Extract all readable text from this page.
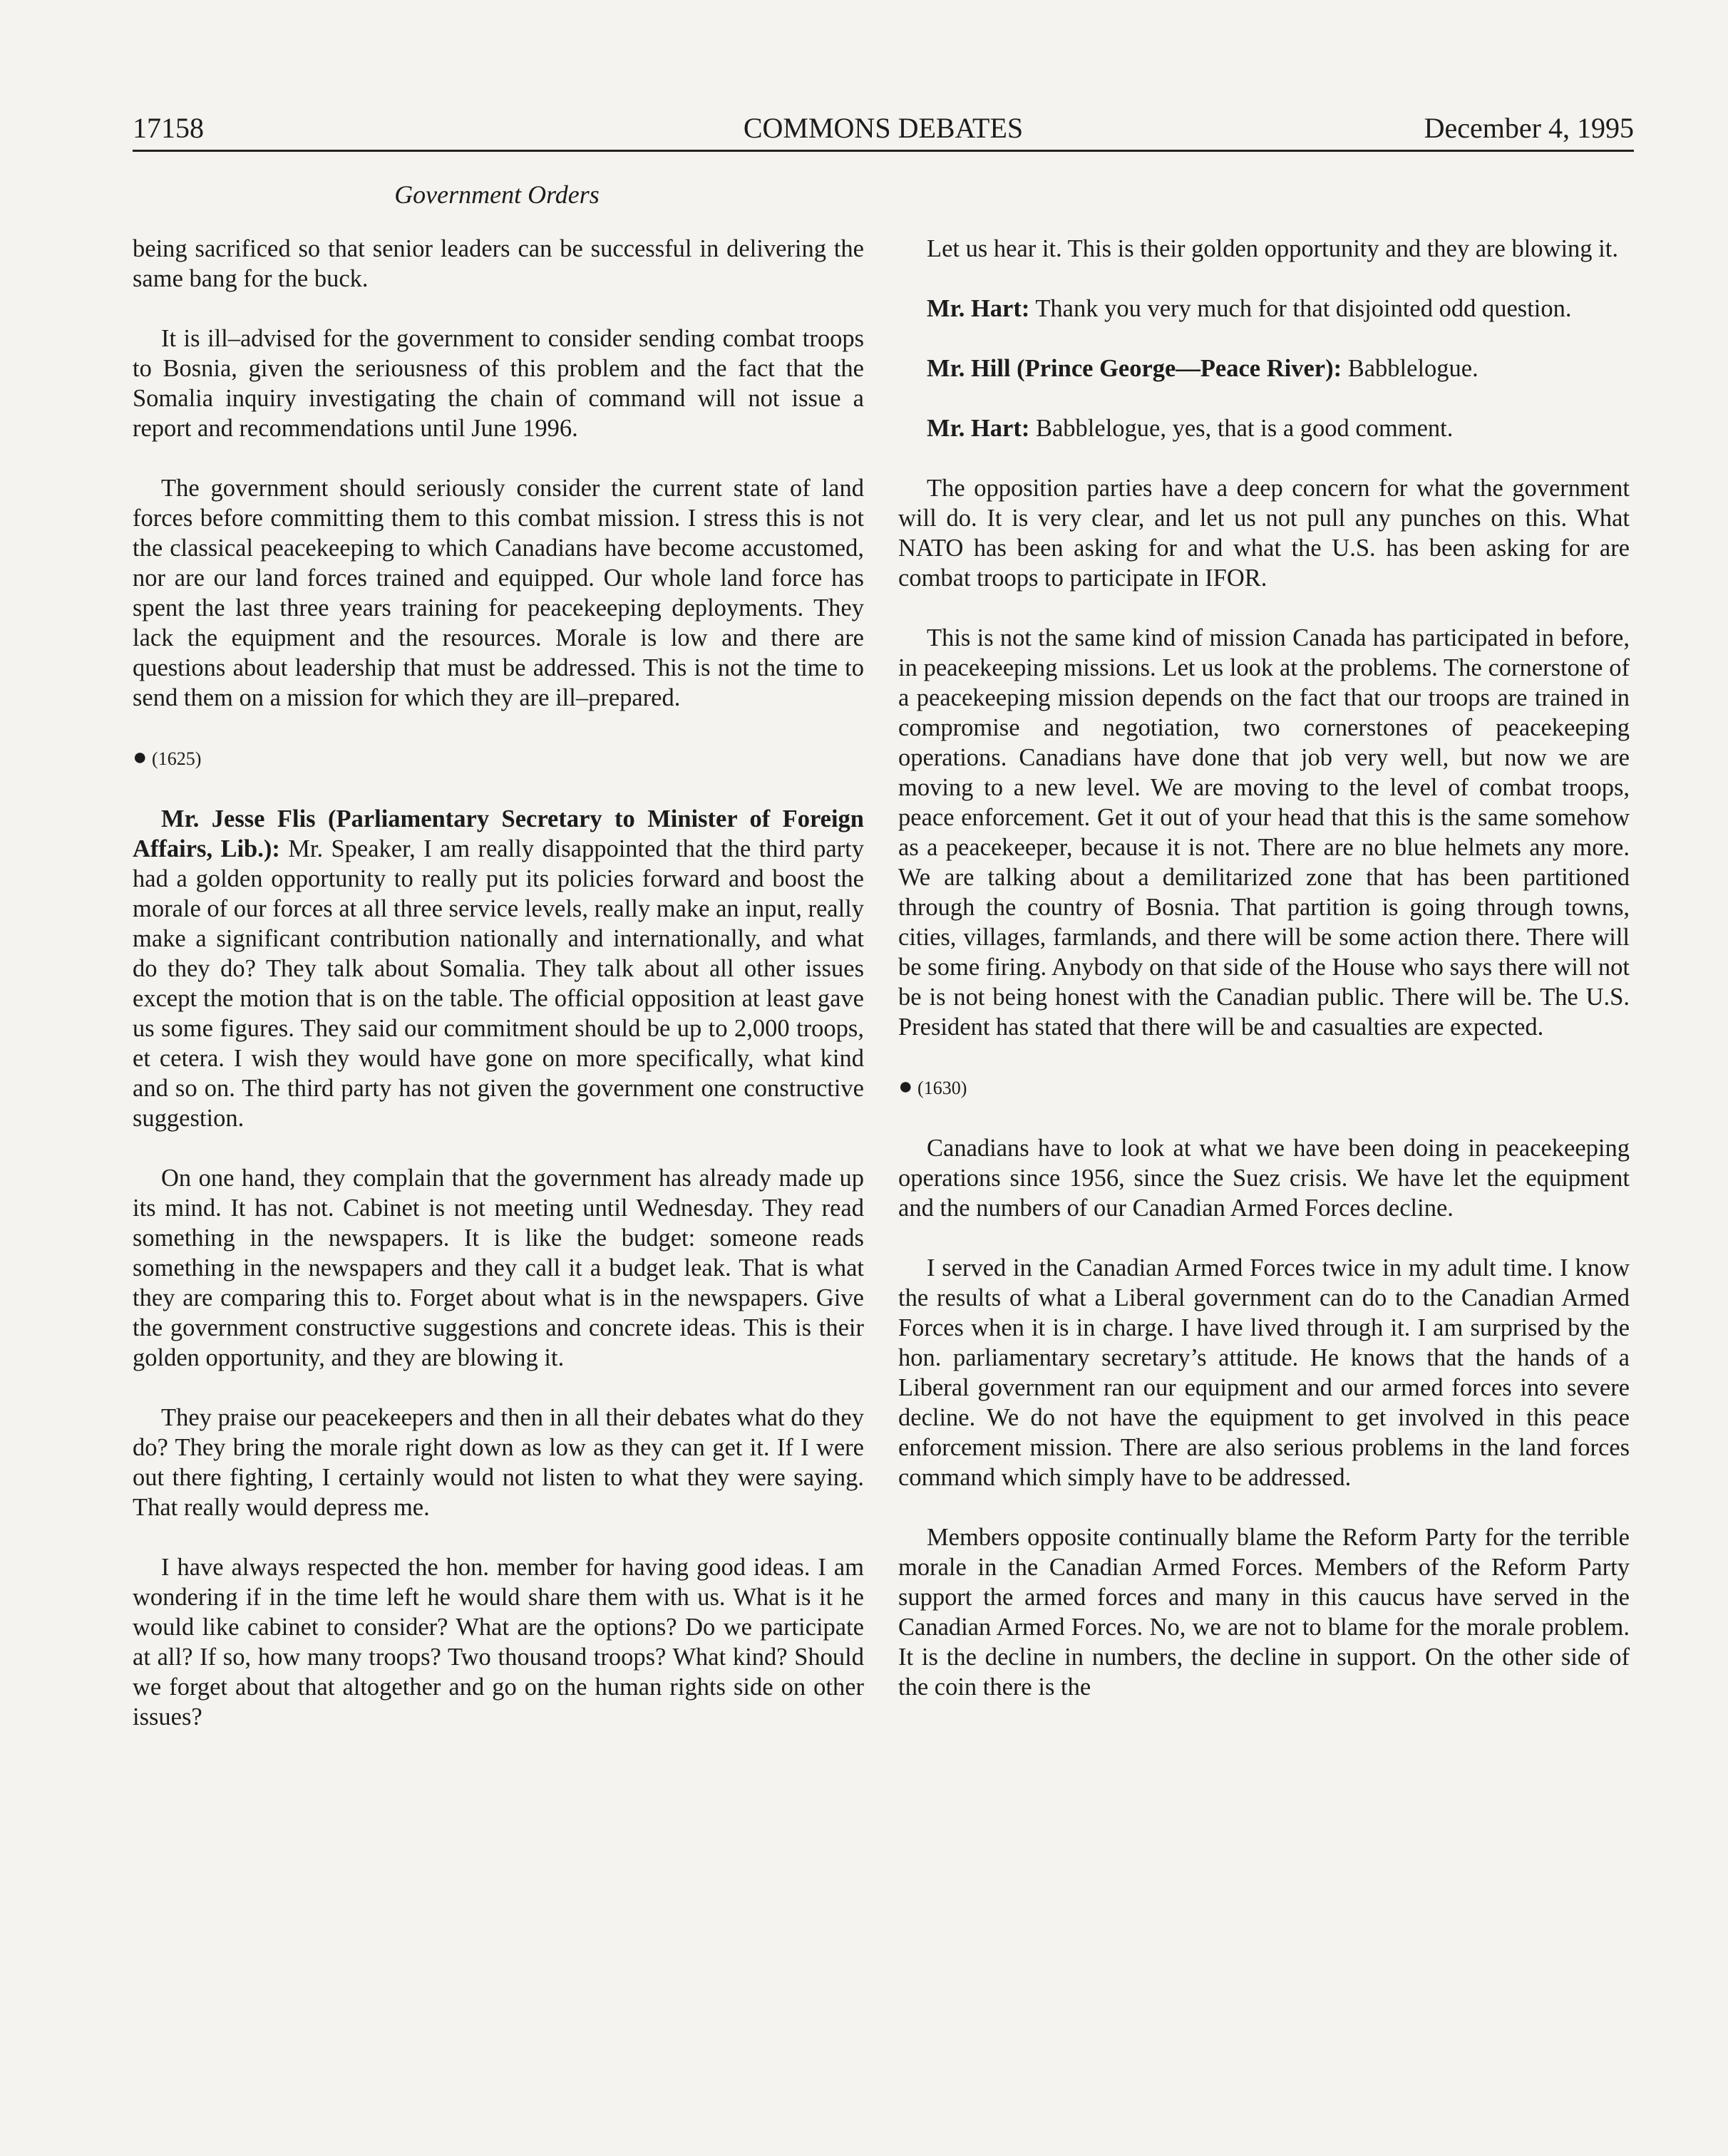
17158	COMMONS DEBATES	December 4, 1995
Government Orders

being sacrificed so that senior leaders can be successful in delivering the same bang for the buck.

It is ill–advised for the government to consider sending combat troops to Bosnia, given the seriousness of this problem and the fact that the Somalia inquiry investigating the chain of command will not issue a report and recommendations until June 1996.

The government should seriously consider the current state of land forces before committing them to this combat mission. I stress this is not the classical peacekeeping to which Canadians have become accustomed, nor are our land forces trained and equipped. Our whole land force has spent the last three years training for peacekeeping deployments. They lack the equipment and the resources. Morale is low and there are questions about leadership that must be addressed. This is not the time to send them on a mission for which they are ill–prepared.

● (1625)

Mr. Jesse Flis (Parliamentary Secretary to Minister of Foreign Affairs, Lib.): Mr. Speaker, I am really disappointed that the third party had a golden opportunity to really put its policies forward and boost the morale of our forces at all three service levels, really make an input, really make a significant contribution nationally and internationally, and what do they do? They talk about Somalia. They talk about all other issues except the motion that is on the table. The official opposition at least gave us some figures. They said our commitment should be up to 2,000 troops, et cetera. I wish they would have gone on more specifically, what kind and so on. The third party has not given the government one constructive suggestion.

On one hand, they complain that the government has already made up its mind. It has not. Cabinet is not meeting until Wednesday. They read something in the newspapers. It is like the budget: someone reads something in the newspapers and they call it a budget leak. That is what they are comparing this to. Forget about what is in the newspapers. Give the government constructive suggestions and concrete ideas. This is their golden opportunity, and they are blowing it.

They praise our peacekeepers and then in all their debates what do they do? They bring the morale right down as low as they can get it. If I were out there fighting, I certainly would not listen to what they were saying. That really would depress me.

I have always respected the hon. member for having good ideas. I am wondering if in the time left he would share them with us. What is it he would like cabinet to consider? What are the options? Do we participate at all? If so, how many troops? Two thousand troops? What kind? Should we forget about that altogether and go on the human rights side on other issues?

Let us hear it. This is their golden opportunity and they are blowing it.

Mr. Hart: Thank you very much for that disjointed odd question.

Mr. Hill (Prince George—Peace River): Babblelogue.

Mr. Hart: Babblelogue, yes, that is a good comment.

The opposition parties have a deep concern for what the government will do. It is very clear, and let us not pull any punches on this. What NATO has been asking for and what the U.S. has been asking for are combat troops to participate in IFOR.

This is not the same kind of mission Canada has participated in before, in peacekeeping missions. Let us look at the problems. The cornerstone of a peacekeeping mission depends on the fact that our troops are trained in compromise and negotiation, two cornerstones of peacekeeping operations. Canadians have done that job very well, but now we are moving to a new level. We are moving to the level of combat troops, peace enforcement. Get it out of your head that this is the same somehow as a peacekeeper, because it is not. There are no blue helmets any more. We are talking about a demilitarized zone that has been partitioned through the country of Bosnia. That partition is going through towns, cities, villages, farmlands, and there will be some action there. There will be some firing. Anybody on that side of the House who says there will not be is not being honest with the Canadian public. There will be. The U.S. President has stated that there will be and casualties are expected.

● (1630)

Canadians have to look at what we have been doing in peacekeeping operations since 1956, since the Suez crisis. We have let the equipment and the numbers of our Canadian Armed Forces decline.

I served in the Canadian Armed Forces twice in my adult time. I know the results of what a Liberal government can do to the Canadian Armed Forces when it is in charge. I have lived through it. I am surprised by the hon. parliamentary secretary’s attitude. He knows that the hands of a Liberal government ran our equipment and our armed forces into severe decline. We do not have the equipment to get involved in this peace enforcement mission. There are also serious problems in the land forces command which simply have to be addressed.

Members opposite continually blame the Reform Party for the terrible morale in the Canadian Armed Forces. Members of the Reform Party support the armed forces and many in this caucus have served in the Canadian Armed Forces. No, we are not to blame for the morale problem. It is the decline in numbers, the decline in support. On the other side of the coin there is the
